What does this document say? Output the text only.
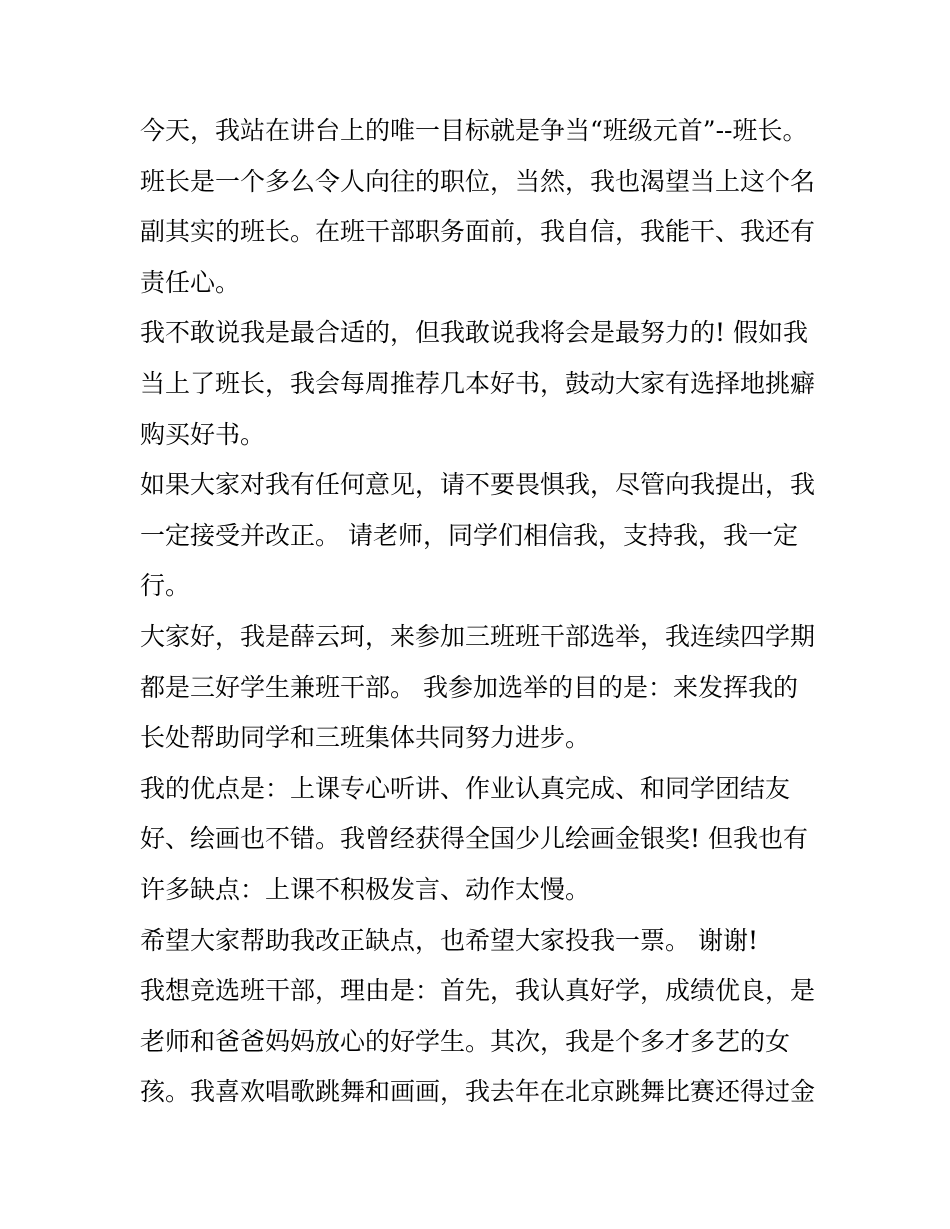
今天，我站在讲台上的唯一目标就是争当“班级元首”--班长。
班长是一个多么令人向往的职位，当然，我也渴望当上这个名
副其实的班长。在班干部职务面前，我自信，我能干、我还有
责任心。
我不敢说我是最合适的，但我敢说我将会是最努力的! 假如我
当上了班长，我会每周推荐几本好书，鼓动大家有选择地挑癖
购买好书。
如果大家对我有任何意见，请不要畏惧我，尽管向我提出，我
一定接受并改正。 请老师，同学们相信我，支持我，我一定
行。
大家好，我是薛云珂，来参加三班班干部选举，我连续四学期
都是三好学生兼班干部。 我参加选举的目的是：来发挥我的
长处帮助同学和三班集体共同努力进步。
我的优点是：上课专心听讲、作业认真完成、和同学团结友
好、绘画也不错。我曾经获得全国少儿绘画金银奖! 但我也有
许多缺点：上课不积极发言、动作太慢。
希望大家帮助我改正缺点，也希望大家投我一票。 谢谢!
我想竞选班干部，理由是：首先，我认真好学，成绩优良，是
老师和爸爸妈妈放心的好学生。其次，我是个多才多艺的女
孩。我喜欢唱歌跳舞和画画，我去年在北京跳舞比赛还得过金
